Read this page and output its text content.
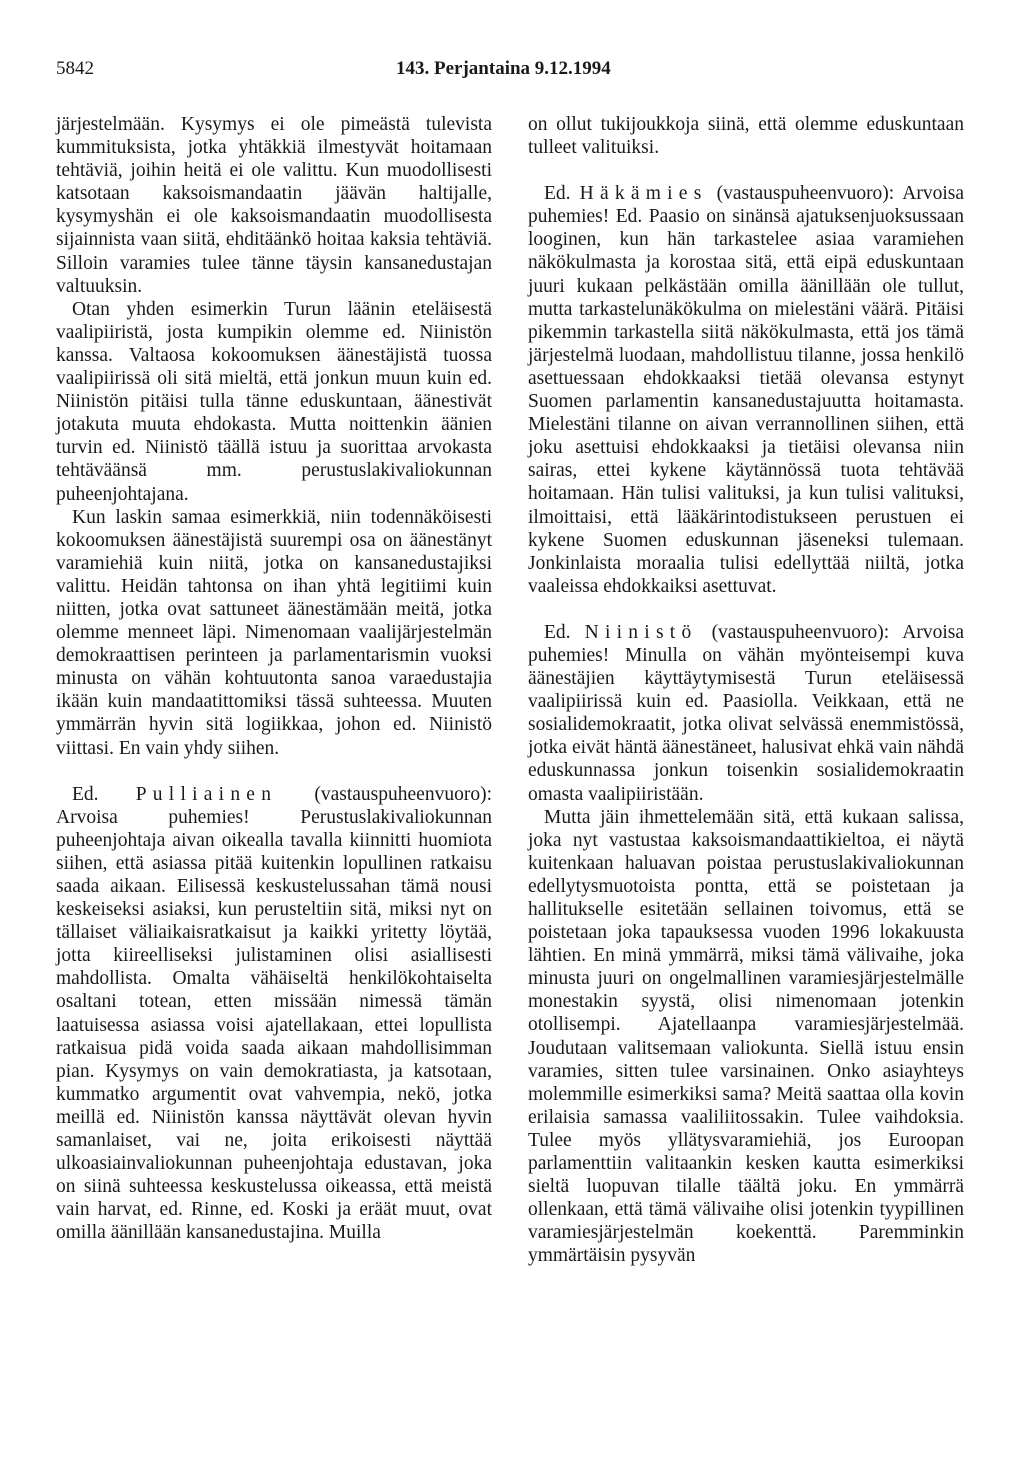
5842	143. Perjantaina 9.12.1994

järjestelmään. Kysymys ei ole pimeästä tulevista kummituksista, jotka yhtäkkiä ilmestyvät hoitamaan tehtäviä, joihin heitä ei ole valittu. Kun muodollisesti katsotaan kaksoismandaatin jäävän haltijalle, kysymyshän ei ole kaksoismandaatin muodollisesta sijainnista vaan siitä, ehditäänkö hoitaa kaksia tehtäviä. Silloin varamies tulee tänne täysin kansanedustajan valtuuksin.

Otan yhden esimerkin Turun läänin eteläisestä vaalipiiristä, josta kumpikin olemme ed. Niinistön kanssa. Valtaosa kokoomuksen äänestäjistä tuossa vaalipiirissä oli sitä mieltä, että jonkun muun kuin ed. Niinistön pitäisi tulla tänne eduskuntaan, äänestivät jotakuta muuta ehdokasta. Mutta noittenkin äänien turvin ed. Niinistö täällä istuu ja suorittaa arvokasta tehtäväänsä mm. perustuslakivaliokunnan puheenjohtajana.

Kun laskin samaa esimerkkiä, niin todennäköisesti kokoomuksen äänestäjistä suurempi osa on äänestänyt varamiehiä kuin niitä, jotka on kansanedustajiksi valittu. Heidän tahtonsa on ihan yhtä legitiimi kuin niitten, jotka ovat sattuneet äänestämään meitä, jotka olemme menneet läpi. Nimenomaan vaalijärjestelmän demokraattisen perinteen ja parlamentarismin vuoksi minusta on vähän kohtuutonta sanoa varaedustajia ikään kuin mandaatittomiksi tässä suhteessa. Muuten ymmärrän hyvin sitä logiikkaa, johon ed. Niinistö viittasi. En vain yhdy siihen.

Ed. Pulliainen (vastauspuheenvuoro): Arvoisa puhemies! Perustuslakivaliokunnan puheenjohtaja aivan oikealla tavalla kiinnitti huomiota siihen, että asiassa pitää kuitenkin lopullinen ratkaisu saada aikaan. Eilisessä keskustelussahan tämä nousi keskeiseksi asiaksi, kun perusteltiin sitä, miksi nyt on tällaiset väliaikaisratkaisut ja kaikki yritetty löytää, jotta kiireelliseksi julistaminen olisi asiallisesti mahdollista. Omalta vähäiseltä henkilökohtaiselta osaltani totean, etten missään nimessä tämän laatuisessa asiassa voisi ajatellakaan, ettei lopullista ratkaisua pidä voida saada aikaan mahdollisimman pian. Kysymys on vain demokratiasta, ja katsotaan, kummatko argumentit ovat vahvempia, nekö, jotka meillä ed. Niinistön kanssa näyttävät olevan hyvin samanlaiset, vai ne, joita erikoisesti näyttää ulkoasiainvaliokunnan puheenjohtaja edustavan, joka on siinä suhteessa keskustelussa oikeassa, että meistä vain harvat, ed. Rinne, ed. Koski ja eräät muut, ovat omilla äänillään kansanedustajina. Muilla

on ollut tukijoukkoja siinä, että olemme eduskuntaan tulleet valituiksi.

Ed. Häkämies (vastauspuheenvuoro): Arvoisa puhemies! Ed. Paasio on sinänsä ajatuksenjuoksussaan looginen, kun hän tarkastelee asiaa varamiehen näkökulmasta ja korostaa sitä, että eipä eduskuntaan juuri kukaan pelkästään omilla äänillään ole tullut, mutta tarkastelunäkökulma on mielestäni väärä. Pitäisi pikemmin tarkastella siitä näkökulmasta, että jos tämä järjestelmä luodaan, mahdollistuu tilanne, jossa henkilö asettuessaan ehdokkaaksi tietää olevansa estynyt Suomen parlamentin kansanedustajuutta hoitamasta. Mielestäni tilanne on aivan verrannollinen siihen, että joku asettuisi ehdokkaaksi ja tietäisi olevansa niin sairas, ettei kykene käytännössä tuota tehtävää hoitamaan. Hän tulisi valituksi, ja kun tulisi valituksi, ilmoittaisi, että lääkärintodistukseen perustuen ei kykene Suomen eduskunnan jäseneksi tulemaan. Jonkinlaista moraalia tulisi edellyttää niiltä, jotka vaaleissa ehdokkaiksi asettuvat.

Ed. Niinistö (vastauspuheenvuoro): Arvoisa puhemies! Minulla on vähän myönteisempi kuva äänestäjien käyttäytymisestä Turun eteläisessä vaalipiirissä kuin ed. Paasiolla. Veikkaan, että ne sosialidemokraatit, jotka olivat selvässä enemmistössä, jotka eivät häntä äänestäneet, halusivat ehkä vain nähdä eduskunnassa jonkun toisenkin sosialidemokraatin omasta vaalipiiristään.

Mutta jäin ihmettelemään sitä, että kukaan salissa, joka nyt vastustaa kaksoismandaattikieltoa, ei näytä kuitenkaan haluavan poistaa perustuslakivaliokunnan edellytysmuotoista pontta, että se poistetaan ja hallitukselle esitetään sellainen toivomus, että se poistetaan joka tapauksessa vuoden 1996 lokakuusta lähtien. En minä ymmärrä, miksi tämä välivaihe, joka minusta juuri on ongelmallinen varamiesjärjestelmälle monestakin syystä, olisi nimenomaan jotenkin otollisempi. Ajatellaanpa varamiesjärjestelmää. Joudutaan valitsemaan valiokunta. Siellä istuu ensin varamies, sitten tulee varsinainen. Onko asiayhteys molemmille esimerkiksi sama? Meitä saattaa olla kovin erilaisia samassa vaaliliitossakin. Tulee vaihdoksia. Tulee myös yllätysvaramiehiä, jos Euroopan parlamenttiin valitaankin kesken kautta esimerkiksi sieltä luopuvan tilalle täältä joku. En ymmärrä ollenkaan, että tämä välivaihe olisi jotenkin tyypillinen varamiesjärjestelmän koekenttä. Paremminkin ymmärtäisin pysyvän
